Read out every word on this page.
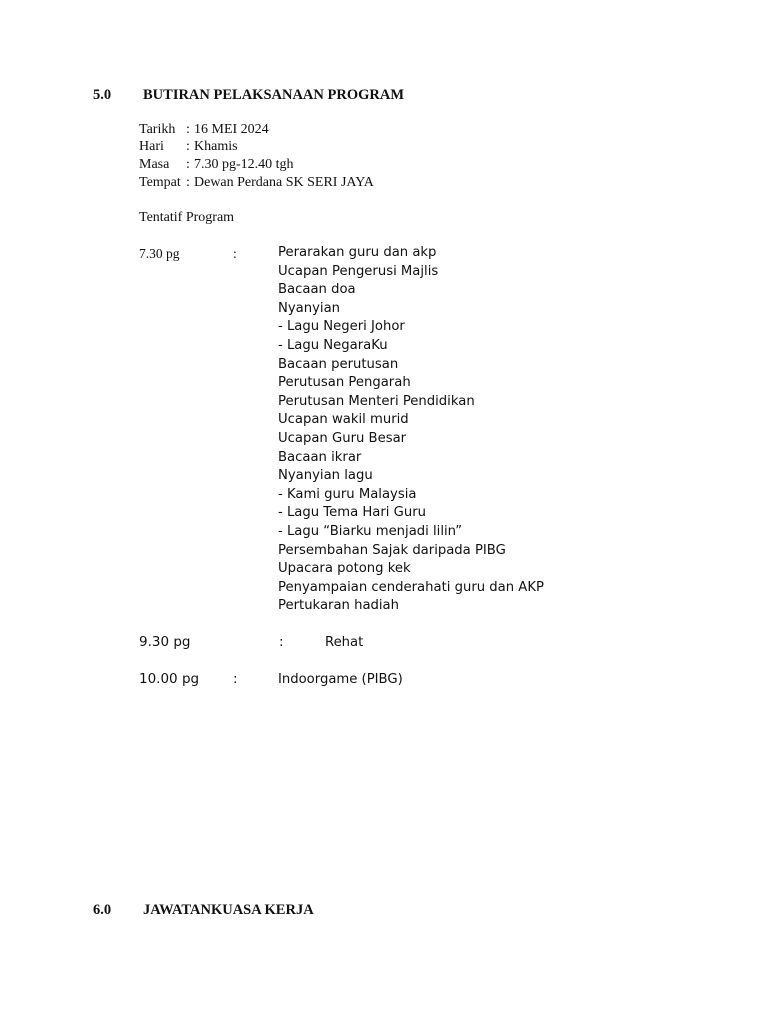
5.0 BUTIRAN PELAKSANAAN PROGRAM
Tarikh : 16 MEI 2024
Hari : Khamis
Masa : 7.30 pg-12.40 tgh
Tempat : Dewan Perdana SK SERI JAYA
Tentatif Program
7.30 pg	:	Perarakan guru dan akp
Ucapan Pengerusi Majlis
Bacaan doa
Nyanyian
- Lagu Negeri Johor
- Lagu NegaraKu
Bacaan perutusan
Perutusan Pengarah
Perutusan Menteri Pendidikan
Ucapan wakil murid
Ucapan Guru Besar
Bacaan ikrar
Nyanyian lagu
- Kami guru Malaysia
- Lagu Tema Hari Guru
- Lagu “Biarku menjadi lilin”
Persembahan Sajak daripada PIBG
Upacara potong kek
Penyampaian cenderahati guru dan AKP
Pertukaran hadiah
9.30 pg	:	Rehat
10.00 pg	:	Indoorgame (PIBG)
6.0 JAWATANKUASA KERJA
